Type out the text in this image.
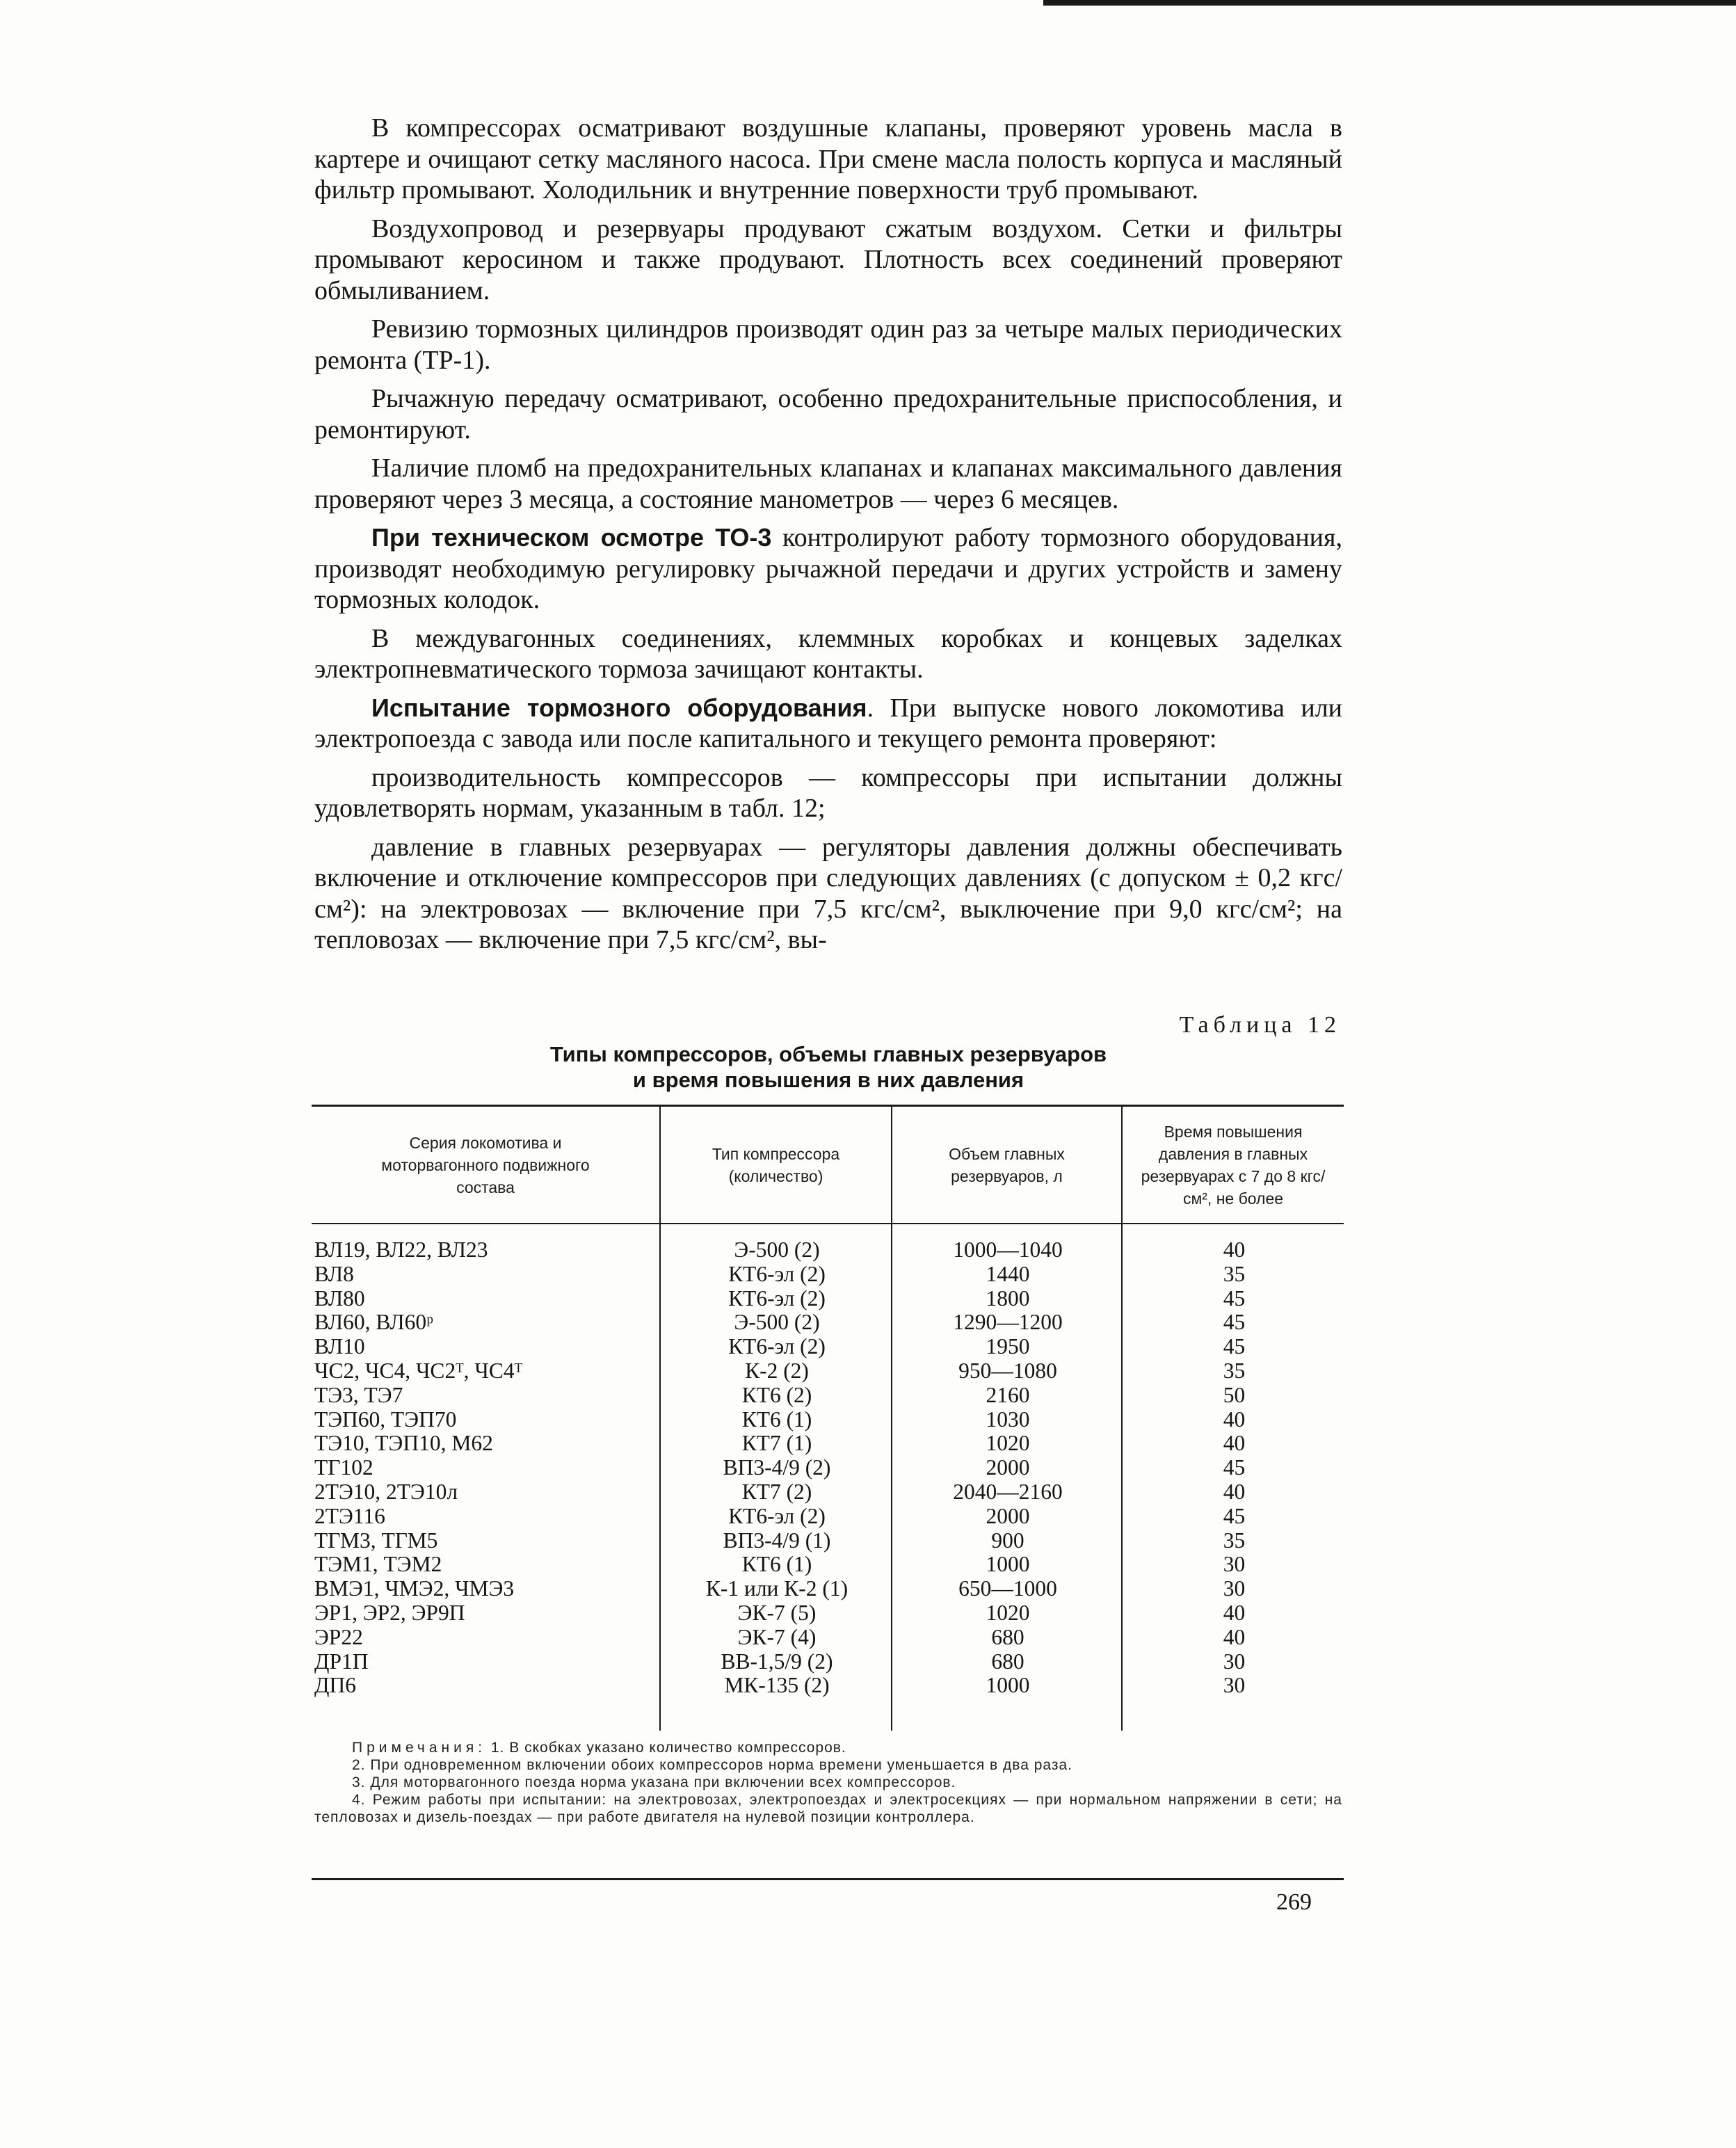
В компрессорах осматривают воздушные клапаны, проверяют уровень масла в картере и очищают сетку масляного насоса. При смене масла полость корпуса и масляный фильтр промывают. Холодильник и внутренние поверхности труб промывают.

Воздухопровод и резервуары продувают сжатым воздухом. Сетки и фильтры промывают керосином и также продувают. Плотность всех соединений проверяют обмыливанием.

Ревизию тормозных цилиндров производят один раз за четыре малых периодических ремонта (ТР-1).

Рычажную передачу осматривают, особенно предохранительные приспособления, и ремонтируют.

Наличие пломб на предохранительных клапанах и клапанах максимального давления проверяют через 3 месяца, а состояние манометров — через 6 месяцев.

При техническом осмотре ТО-3 контролируют работу тормозного оборудования, производят необходимую регулировку рычажной передачи и других устройств и замену тормозных колодок.

В междувагонных соединениях, клеммных коробках и концевых заделках электропневматического тормоза зачищают контакты.

Испытание тормозного оборудования. При выпуске нового локомотива или электропоезда с завода или после капитального и текущего ремонта проверяют:

производительность компрессоров — компрессоры при испытании должны удовлетворять нормам, указанным в табл. 12;

давление в главных резервуарах — регуляторы давления должны обеспечивать включение и отключение компрессоров при следующих давлениях (с допуском ± 0,2 кгс/см²): на электровозах — включение при 7,5 кгс/см², выключение при 9,0 кгс/см²; на тепловозах — включение при 7,5 кгс/см², вы-

Таблица 12
Типы компрессоров, объемы главных резервуаров
и время повышения в них давления
Серия локомотива и моторвагонного подвижного состава
Тип компрессора (количество)
Объем главных резервуаров, л
Время повышения давления в главных резервуарах с 7 до 8 кгс/см², не более
ВЛ19, ВЛ22, ВЛ23
ВЛ8
ВЛ80
ВЛ60, ВЛ60ᵖ
ВЛ10
ЧС2, ЧС4, ЧС2ᵀ, ЧС4ᵀ
ТЭ3, ТЭ7
ТЭП60, ТЭП70
ТЭ10, ТЭП10, М62
ТГ102
2ТЭ10, 2ТЭ10л
2ТЭ116
ТГМ3, ТГМ5
ТЭМ1, ТЭМ2
ВМЭ1, ЧМЭ2, ЧМЭ3
ЭР1, ЭР2, ЭР9П
ЭР22
ДР1П
ДП6
Э-500 (2)
КТ6-эл (2)
КТ6-эл (2)
Э-500 (2)
КТ6-эл (2)
К-2 (2)
КТ6 (2)
КТ6 (1)
КТ7 (1)
ВП3-4/9 (2)
КТ7 (2)
КТ6-эл (2)
ВП3-4/9 (1)
КТ6 (1)
К-1 или К-2 (1)
ЭК-7 (5)
ЭК-7 (4)
ВВ-1,5/9 (2)
МК-135 (2)
1000—1040
1440
1800
1290—1200
1950
950—1080
2160
1030
1020
2000
2040—2160
2000
900
1000
650—1000
1020
680
680
1000
40
35
45
45
45
35
50
40
40
45
40
45
35
30
30
40
40
30
30

Примечания: 1. В скобках указано количество компрессоров.

2. При одновременном включении обоих компрессоров норма времени уменьшается в два раза.

3. Для моторвагонного поезда норма указана при включении всех компрессоров.

4. Режим работы при испытании: на электровозах, электропоездах и электросекциях — при нормальном напряжении в сети; на тепловозах и дизель-поездах — при работе двигателя на нулевой позиции контроллера.

269
